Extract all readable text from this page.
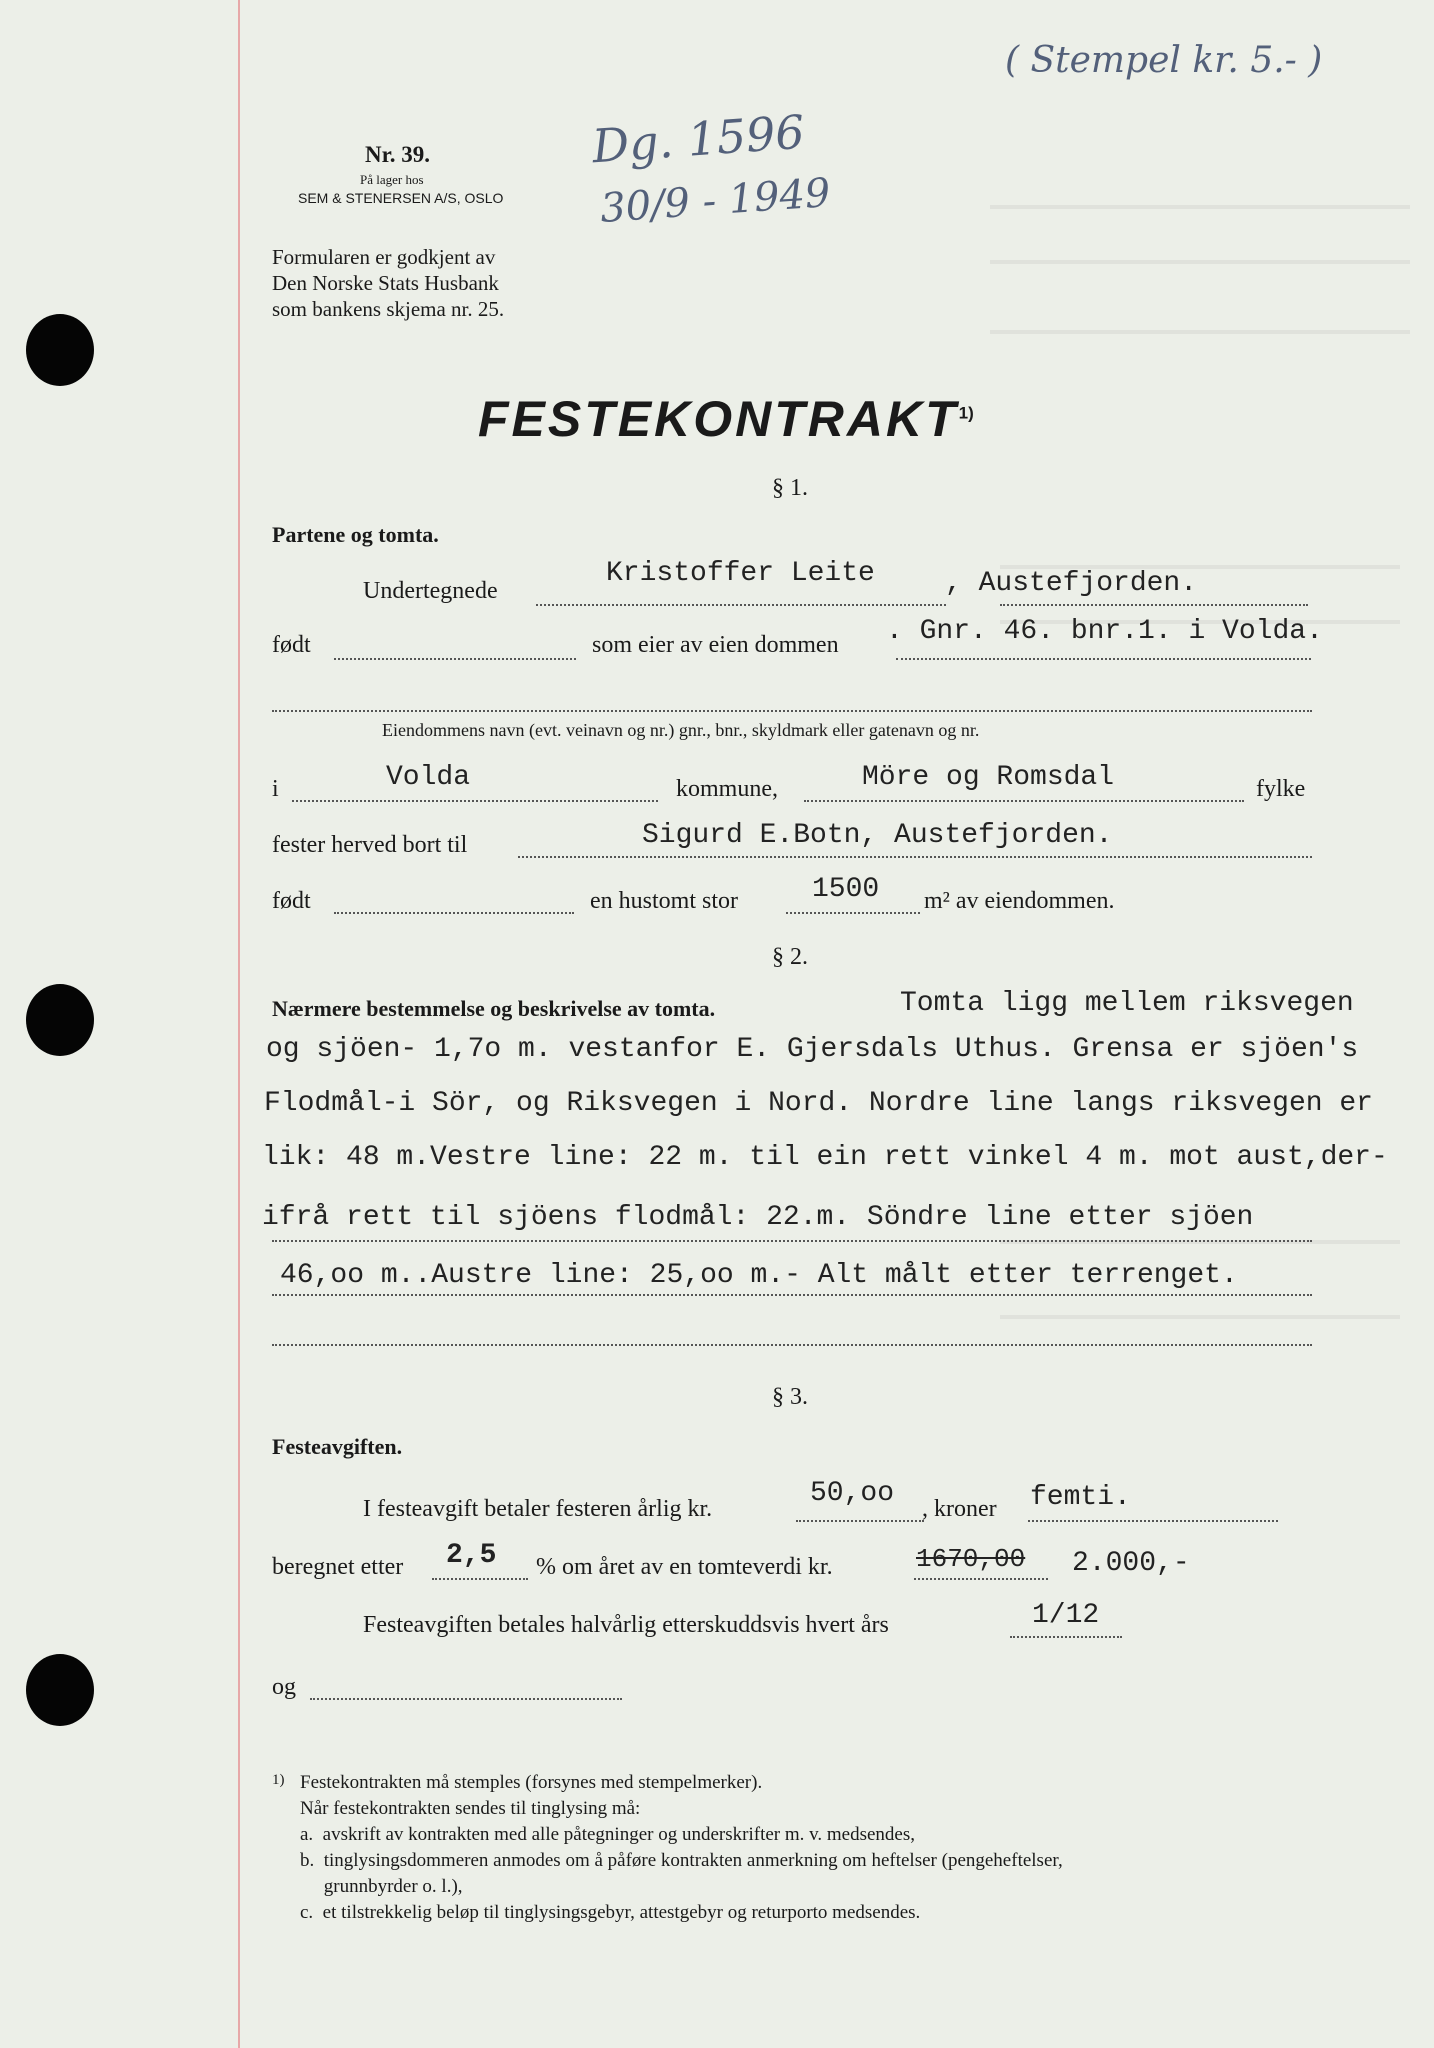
( Stempel kr. 5.- )
Dg. 1596
30/9 - 1949
Nr. 39.
På lager hos
SEM & STENERSEN A/S, OSLO
Formularen er godkjent av
Den Norske Stats Husbank
som bankens skjema nr. 25.
FESTEKONTRAKT$^{1)}$
§ 1.
Partene og tomta.
Undertegnede
Kristoffer Leite	, Austefjorden.
født	som eier av eien dommen . Gnr. 46. bnr.1. i Volda.
Eiendommens navn (evt. veinavn og nr.) gnr., bnr., skyldmark eller gatenavn og nr.
i	Volda	kommune,	Möre og Romsdal	fylke
fester herved bort til	Sigurd E.Botn, Austefjorden.
født	en hustomt stor	1500 m² av eiendommen.
§ 2.
Nærmere bestemmelse og beskrivelse av tomta.	Tomta ligg mellem riksvegen
og sjöen- 1,7o m. vestanfor E. Gjersdals Uthus. Grensa er sjöen's
Flodmål-i Sör, og Riksvegen i Nord. Nordre line langs riksvegen er
lik: 48 m.Vestre line: 22 m. til ein rett vinkel 4 m. mot aust,der-
ifrå rett til sjöens flodmål: 22.m. Söndre line etter sjöen
46,oo m..Austre line: 25,oo m.- Alt målt etter terrenget.
§ 3.
Festeavgiften.
I festeavgift betaler festeren årlig kr.	50,oo , kroner femti.
beregnet etter 2,5 % om året av en tomteverdi kr.	1670,00 2.000,-
Festeavgiften betales halvårlig etterskuddsvis hvert års	1/12
og
1) Festekontrakten må stemples (forsynes med stempelmerker).
Når festekontrakten sendes til tinglysing må:
a.  avskrift av kontrakten med alle påtegninger og underskrifter m. v. medsendes,
b.  tinglysingsdommeren anmodes om å påføre kontrakten anmerkning om heftelser (pengeheftelser,
grunnbyrder o. l.),
c.  et tilstrekkelig beløp til tinglysingsgebyr, attestgebyr og returporto medsendes.
